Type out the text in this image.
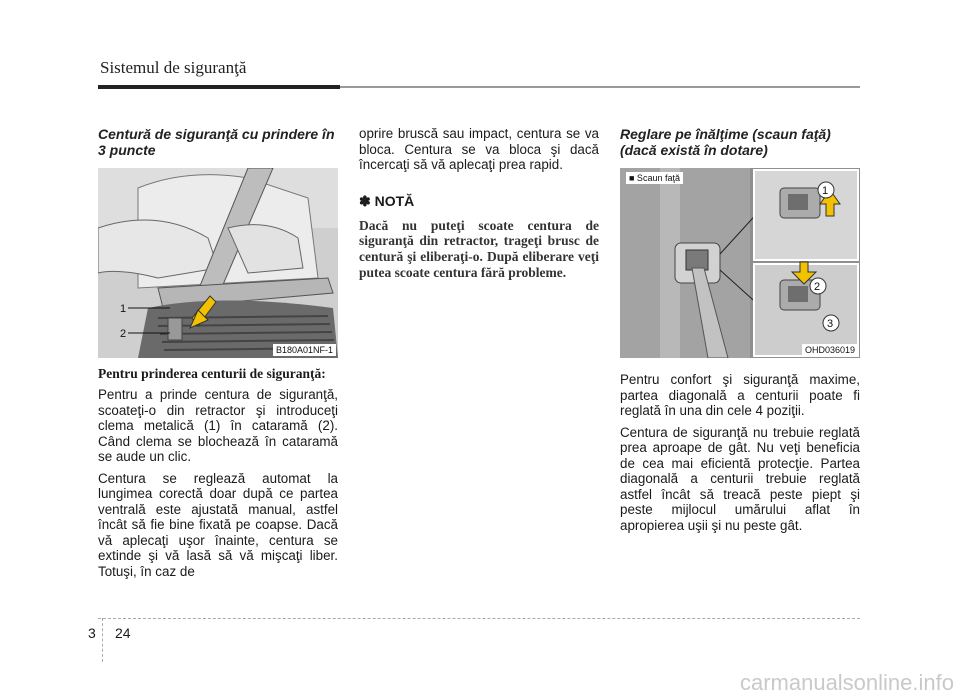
Sistemul de siguranţă
Centură de siguranţă cu prindere în 3 puncte
1
2
B180A01NF-1

Pentru prinderea centurii de siguranţă:

Pentru a prinde centura de siguranţă, scoateţi-o din retractor şi introduceţi clema metalică (1) în cataramă (2). Când clema se blochează în cataramă se aude un clic.

Centura se reglează automat la lungimea corectă doar după ce partea ventrală este ajustată manual, astfel încât să fie bine fixată pe coapse. Dacă vă aplecaţi uşor înainte, centura se extinde şi vă lasă să vă mişcaţi liber. Totuşi, în caz de

oprire bruscă sau impact, centura se va bloca. Centura se va bloca şi dacă încercaţi să vă aplecaţi prea rapid.

✽ NOTĂ

Dacă nu puteţi scoate centura de siguranţă din retractor, trageţi brusc de centură şi eliberaţi-o. După eliberare veţi putea scoate centura fără probleme.

Reglare pe înălţime (scaun faţă) (dacă există în dotare)
1
2
3
■ Scaun faţă
OHD036019

Pentru confort şi siguranţă maxime, partea diagonală a centurii poate fi reglată în una din cele 4 poziţii.

Centura de siguranţă nu trebuie reglată prea aproape de gât. Nu veţi beneficia de cea mai eficientă protecţie. Partea diagonală a centurii trebuie reglată astfel încât să treacă peste piept şi peste mijlocul umărului aflat în apropierea uşii şi nu peste gât.

3 24
carmanualsonline.info
